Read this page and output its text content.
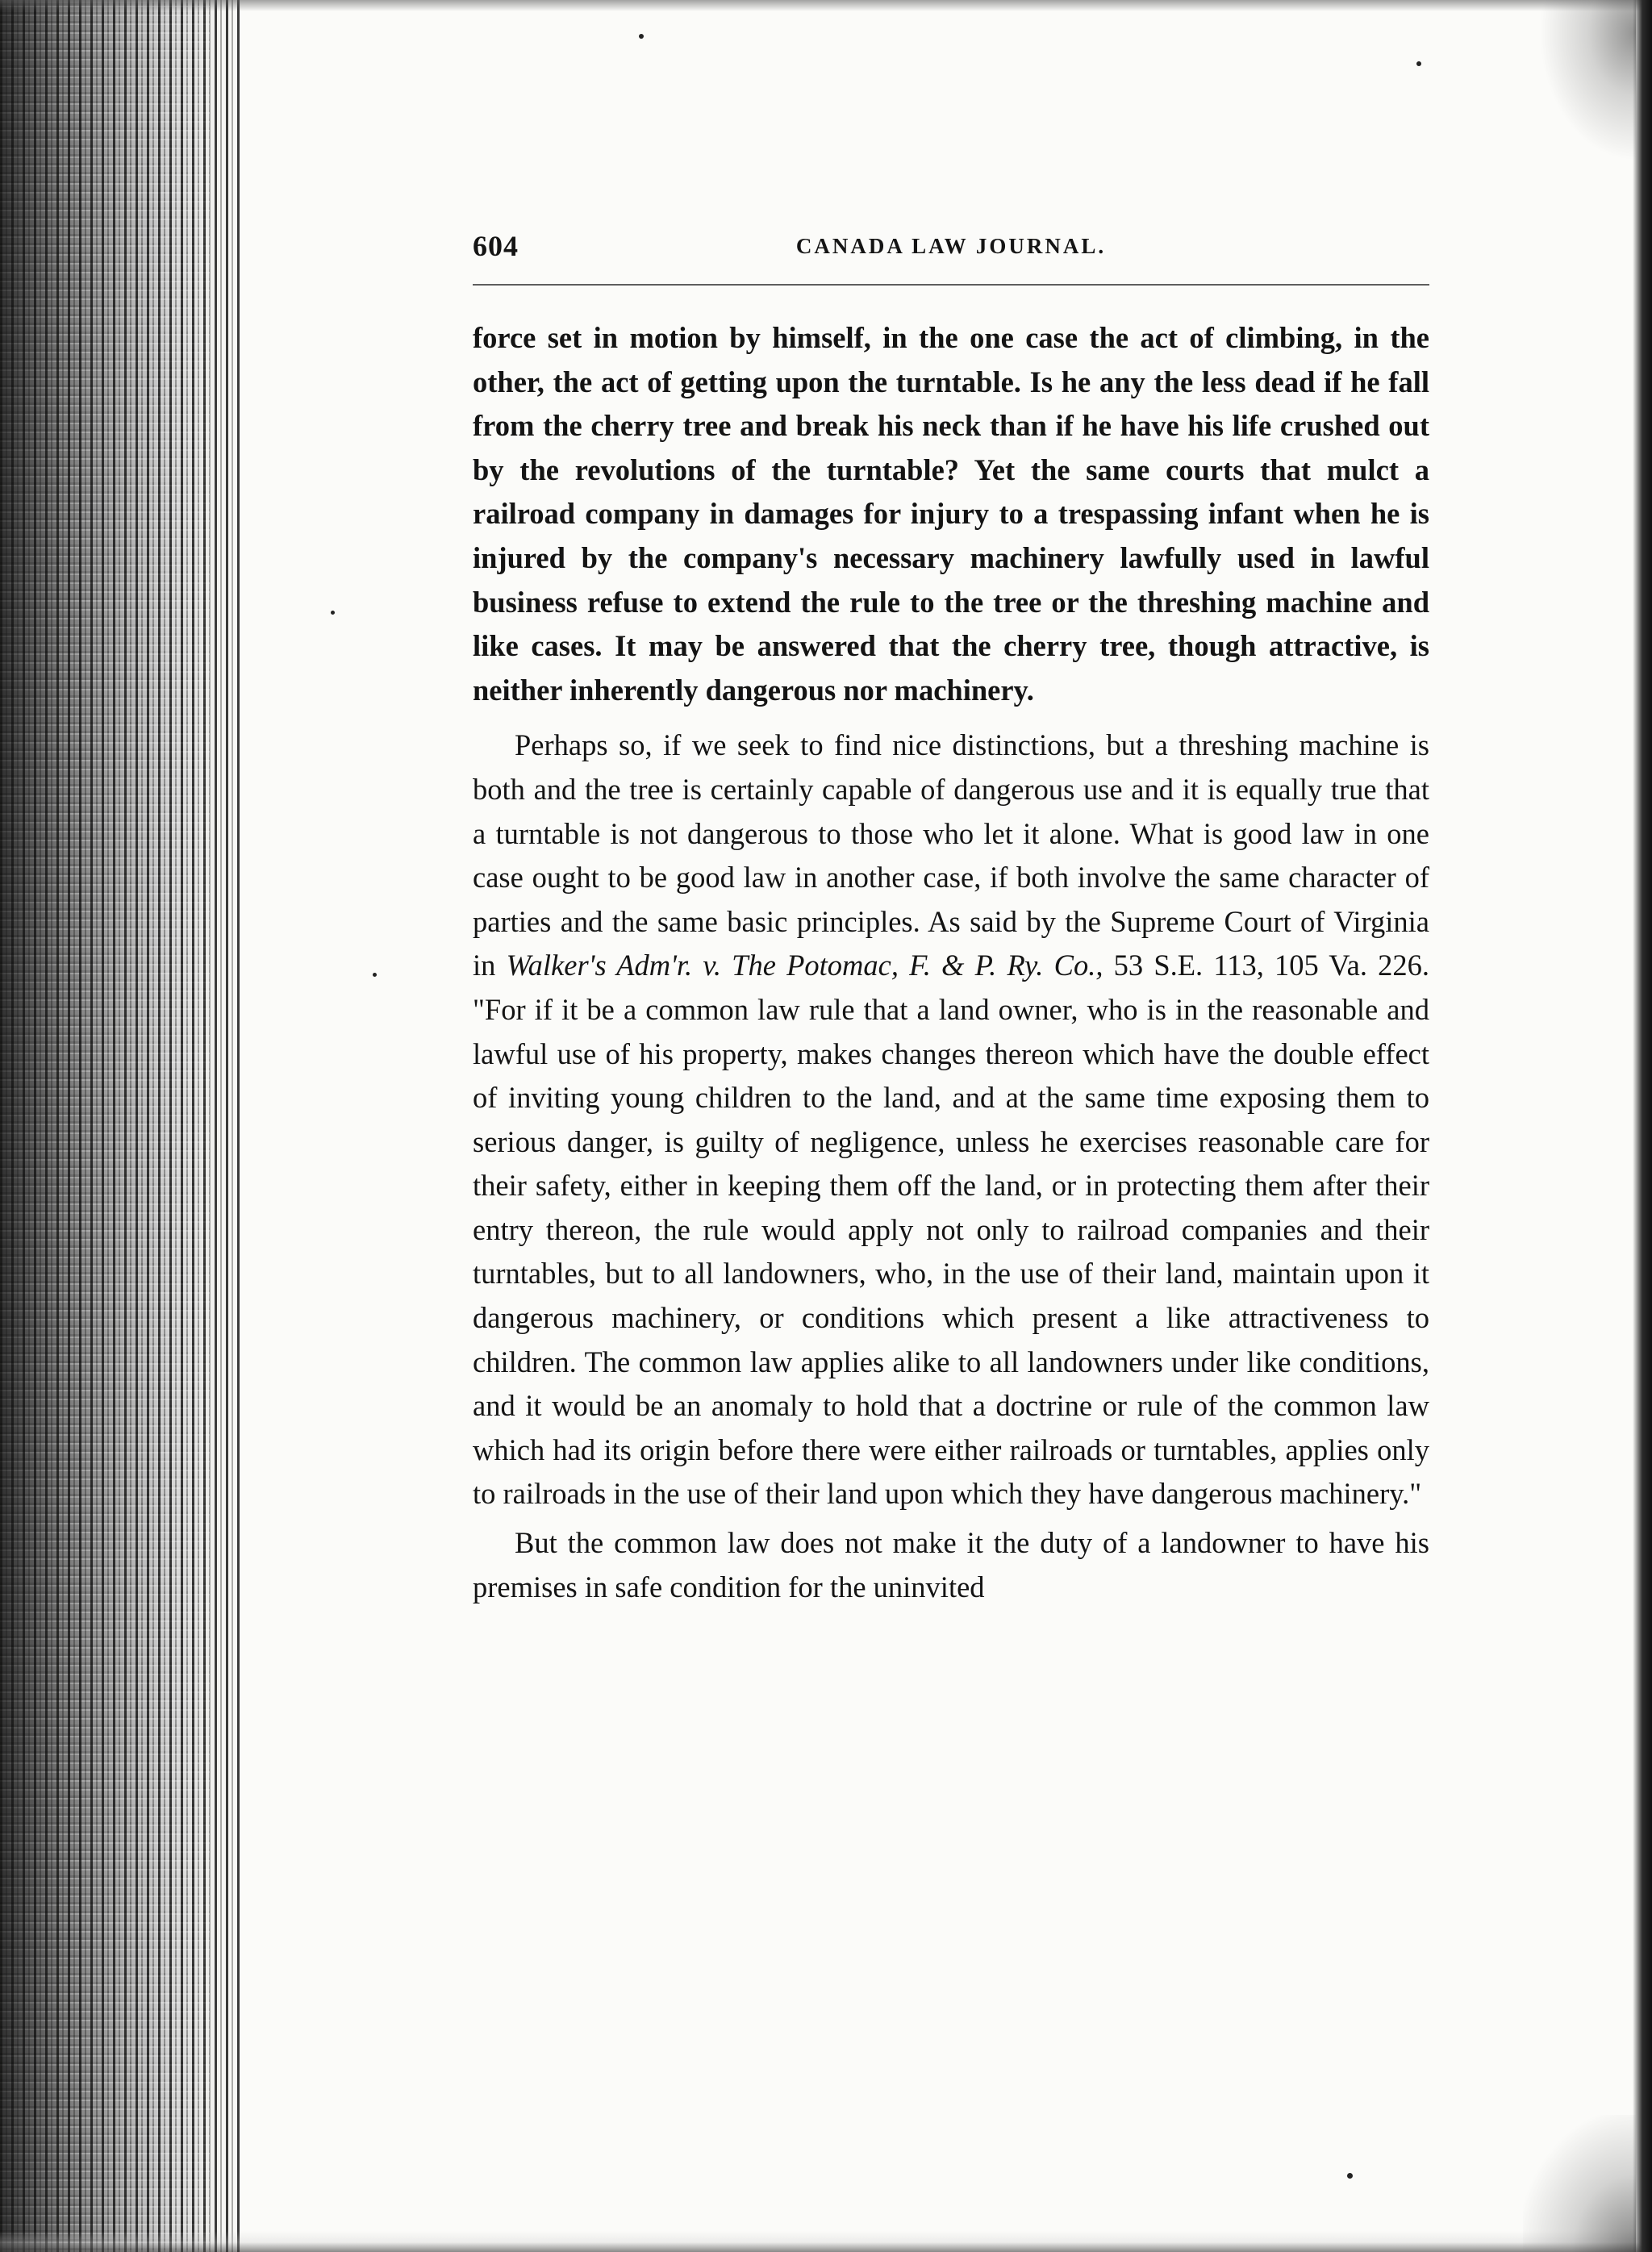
604	CANADA LAW JOURNAL.

force set in motion by himself, in the one case the act of climbing, in the other, the act of getting upon the turntable. Is he any the less dead if he fall from the cherry tree and break his neck than if he have his life crushed out by the revolutions of the turntable? Yet the same courts that mulct a railroad company in damages for injury to a trespassing infant when he is injured by the company's necessary machinery lawfully used in lawful business refuse to extend the rule to the tree or the threshing machine and like cases. It may be answered that the cherry tree, though attractive, is neither inherently dangerous nor machinery.

Perhaps so, if we seek to find nice distinctions, but a threshing machine is both and the tree is certainly capable of dangerous use and it is equally true that a turntable is not dangerous to those who let it alone. What is good law in one case ought to be good law in another case, if both involve the same character of parties and the same basic principles. As said by the Supreme Court of Virginia in Walker's Adm'r. v. The Potomac, F. & P. Ry. Co., 53 S.E. 113, 105 Va. 226. "For if it be a common law rule that a land owner, who is in the reasonable and lawful use of his property, makes changes thereon which have the double effect of inviting young children to the land, and at the same time exposing them to serious danger, is guilty of negligence, unless he exercises reasonable care for their safety, either in keeping them off the land, or in protecting them after their entry thereon, the rule would apply not only to railroad companies and their turntables, but to all landowners, who, in the use of their land, maintain upon it dangerous machinery, or conditions which present a like attractiveness to children. The common law applies alike to all landowners under like conditions, and it would be an anomaly to hold that a doctrine or rule of the common law which had its origin before there were either railroads or turntables, applies only to railroads in the use of their land upon which they have dangerous machinery."

But the common law does not make it the duty of a landowner to have his premises in safe condition for the uninvited
